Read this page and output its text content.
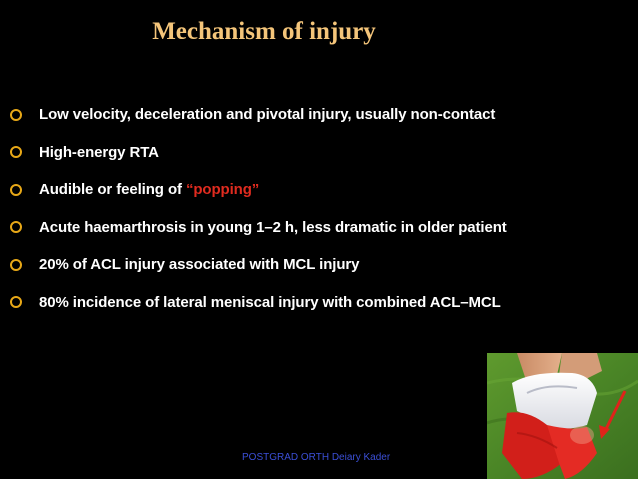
Mechanism of injury
Low velocity, deceleration and pivotal injury, usually non-contact
High-energy RTA
Audible or feeling of “popping”
Acute haemarthrosis in young 1–2 h, less dramatic in older patient
20% of ACL injury associated with MCL injury
80% incidence of lateral meniscal injury with combined ACL–MCL
POSTGRAD ORTH Deiary Kader
